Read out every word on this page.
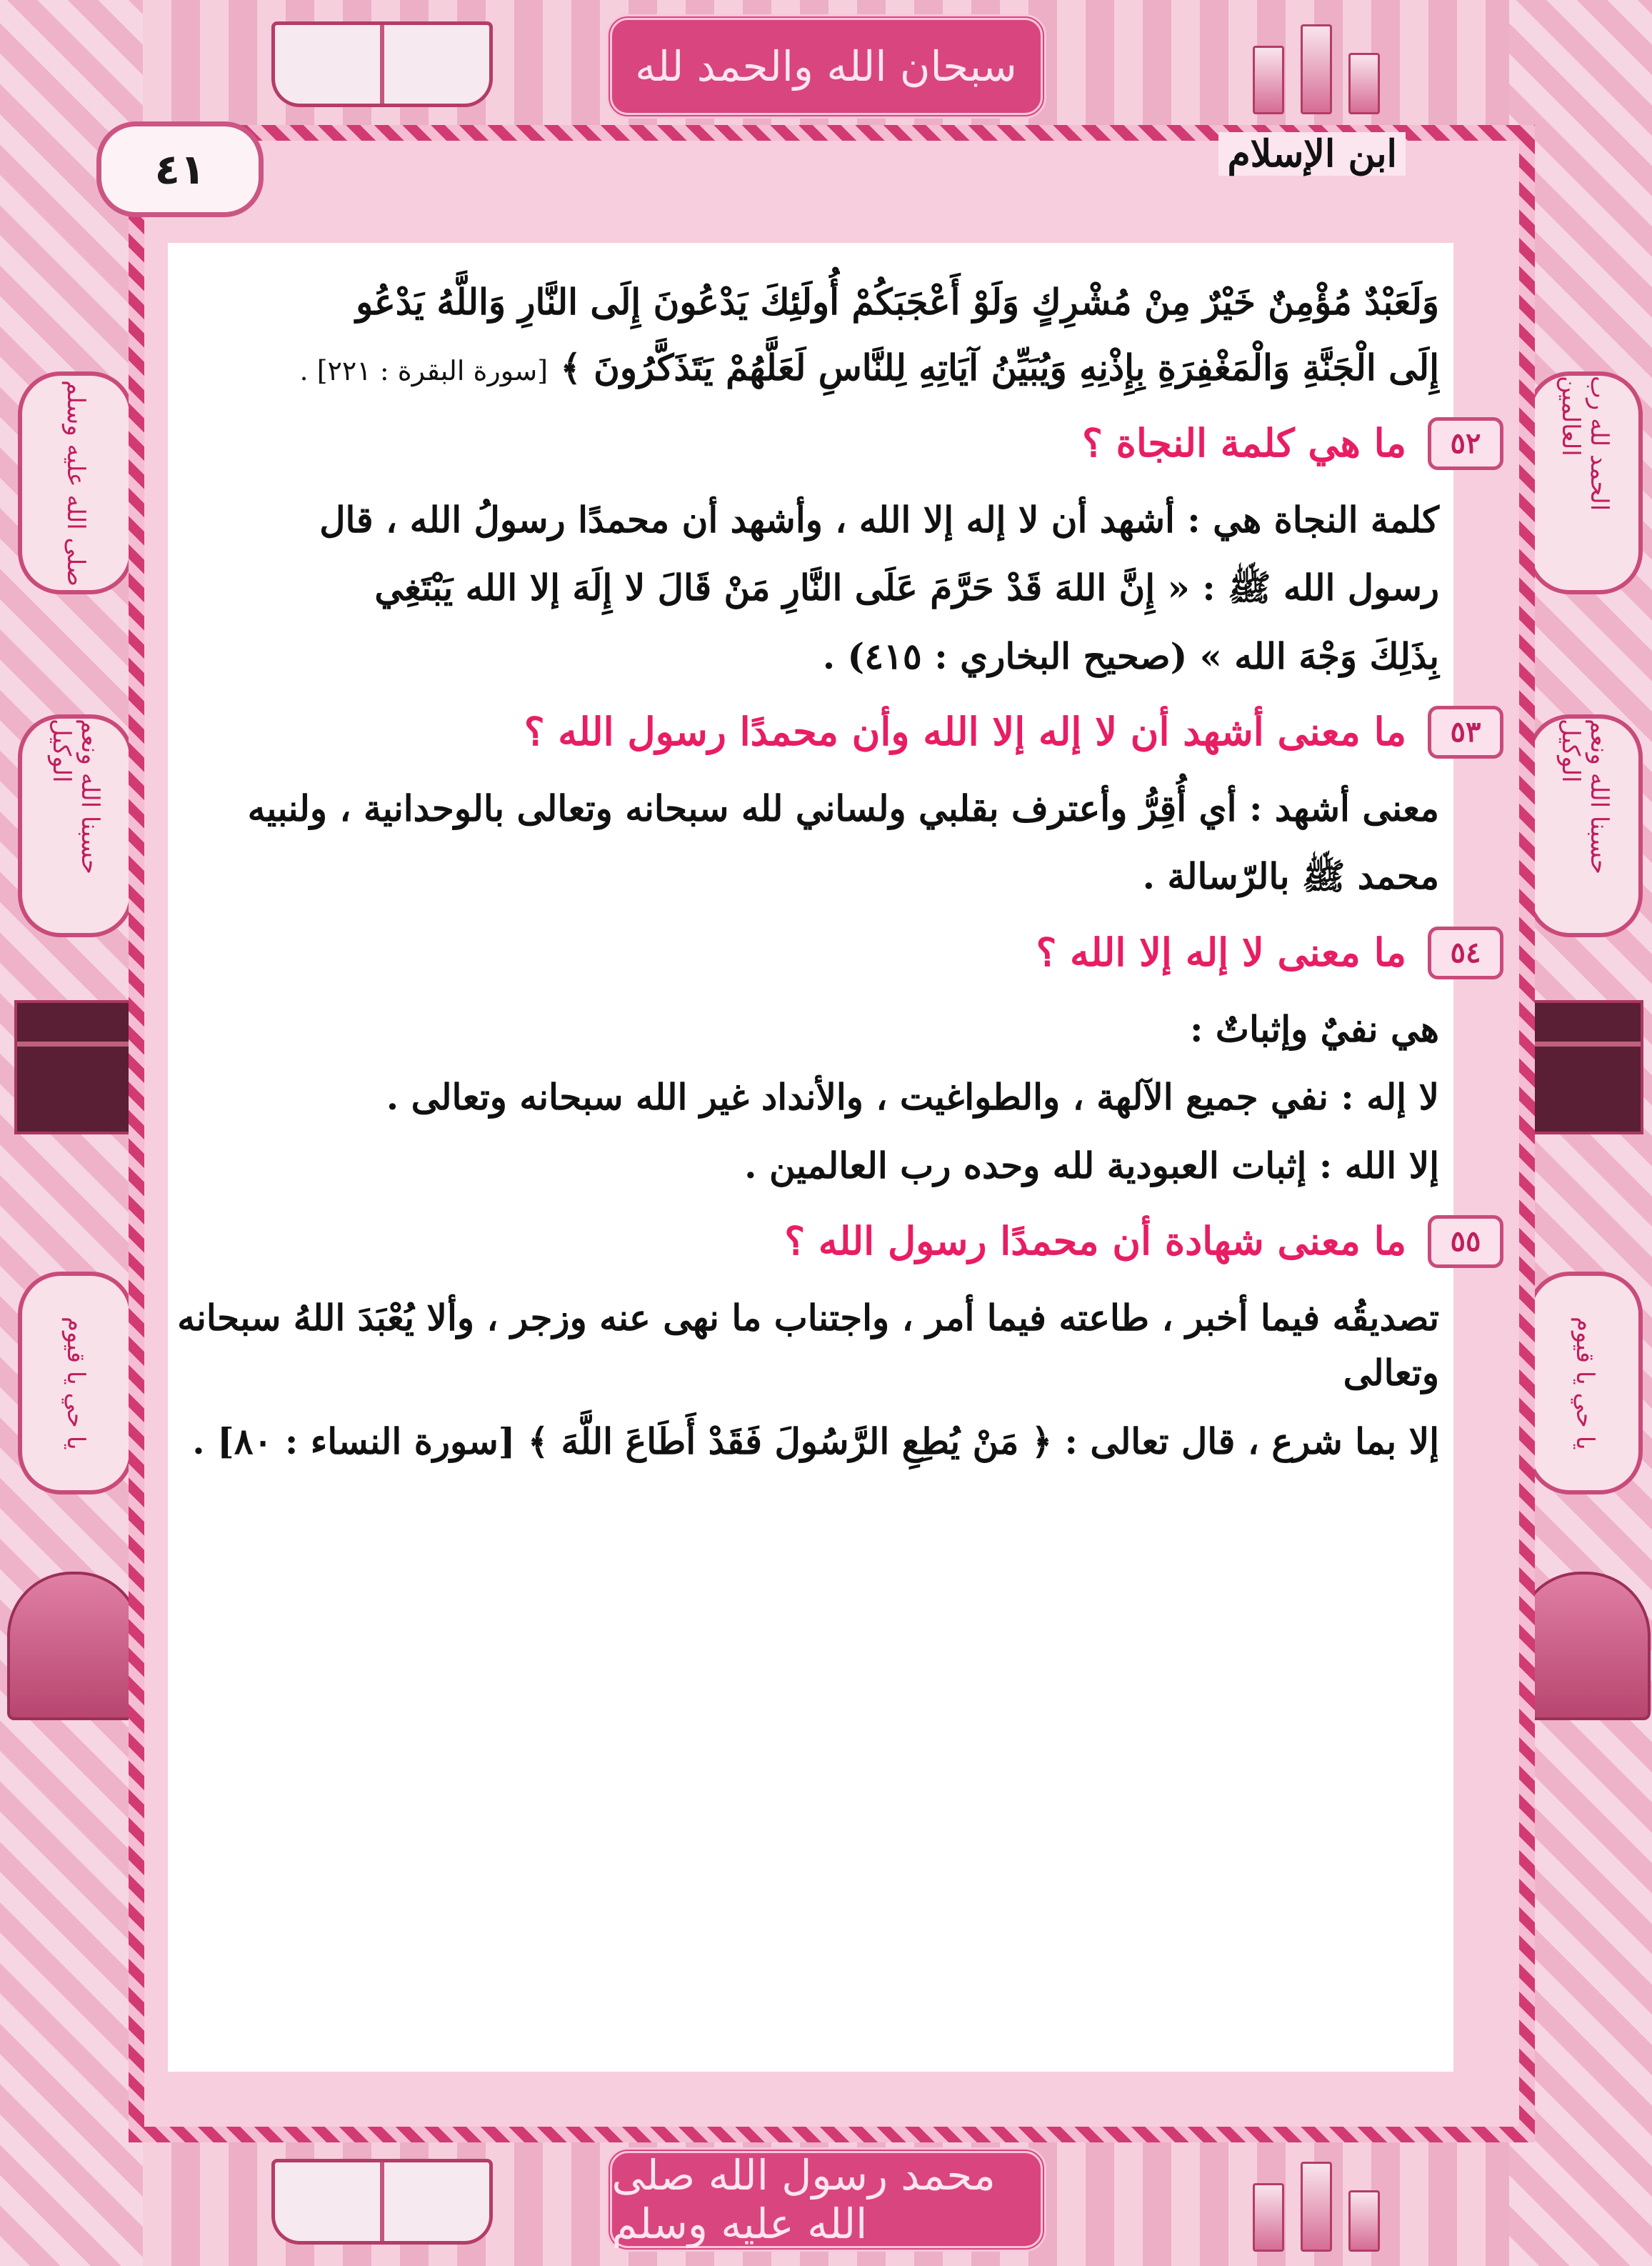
صلى الله عليه وسلم
حسبنا الله ونعم الوكيل
يا حي يا قيوم
الحمد لله رب العالمين
حسبنا الله ونعم الوكيل
يا حي يا قيوم
سبحان الله والحمد لله
محمد رسول الله صلى الله عليه وسلم
٤١	ابن الإسلام
وَلَعَبْدٌ مُؤْمِنٌ خَيْرٌ مِنْ مُشْرِكٍ وَلَوْ أَعْجَبَكُمْ أُولَئِكَ يَدْعُونَ إِلَى النَّارِ وَاللَّهُ يَدْعُو
إِلَى الْجَنَّةِ وَالْمَغْفِرَةِ بِإِذْنِهِ وَيُبَيِّنُ آيَاتِهِ لِلنَّاسِ لَعَلَّهُمْ يَتَذَكَّرُونَ ﴾ [سورة البقرة : ٢٢١] .
٥٢
ما هي كلمة النجاة ؟
كلمة النجاة هي : أشهد أن لا إله إلا الله ، وأشهد أن محمدًا رسولُ الله ، قال
رسول الله ﷺ : « إِنَّ اللهَ قَدْ حَرَّمَ عَلَى النَّارِ مَنْ قَالَ لا إِلَهَ إلا الله يَبْتَغِي
بِذَلِكَ وَجْهَ الله » (صحيح البخاري : ٤١٥) .
٥٣
ما معنى أشهد أن لا إله إلا الله وأن محمدًا رسول الله ؟
معنى أشهد : أي أُقِرُّ وأعترف بقلبي ولساني لله سبحانه وتعالى بالوحدانية ، ولنبيه
محمد ﷺ بالرّسالة .
٥٤
ما معنى لا إله إلا الله ؟
هي نفيٌ وإثباتٌ :
لا إله : نفي جميع الآلهة ، والطواغيت ، والأنداد غير الله سبحانه وتعالى .
إلا الله : إثبات العبودية لله وحده رب العالمين .
٥٥
ما معنى شهادة أن محمدًا رسول الله ؟
تصديقُه فيما أخبر ، طاعته فيما أمر ، واجتناب ما نهى عنه وزجر ، وألا يُعْبَدَ اللهُ سبحانه وتعالى
إلا بما شرع ، قال تعالى : ﴿ مَنْ يُطِعِ الرَّسُولَ فَقَدْ أَطَاعَ اللَّهَ ﴾ [سورة النساء : ٨٠] .
